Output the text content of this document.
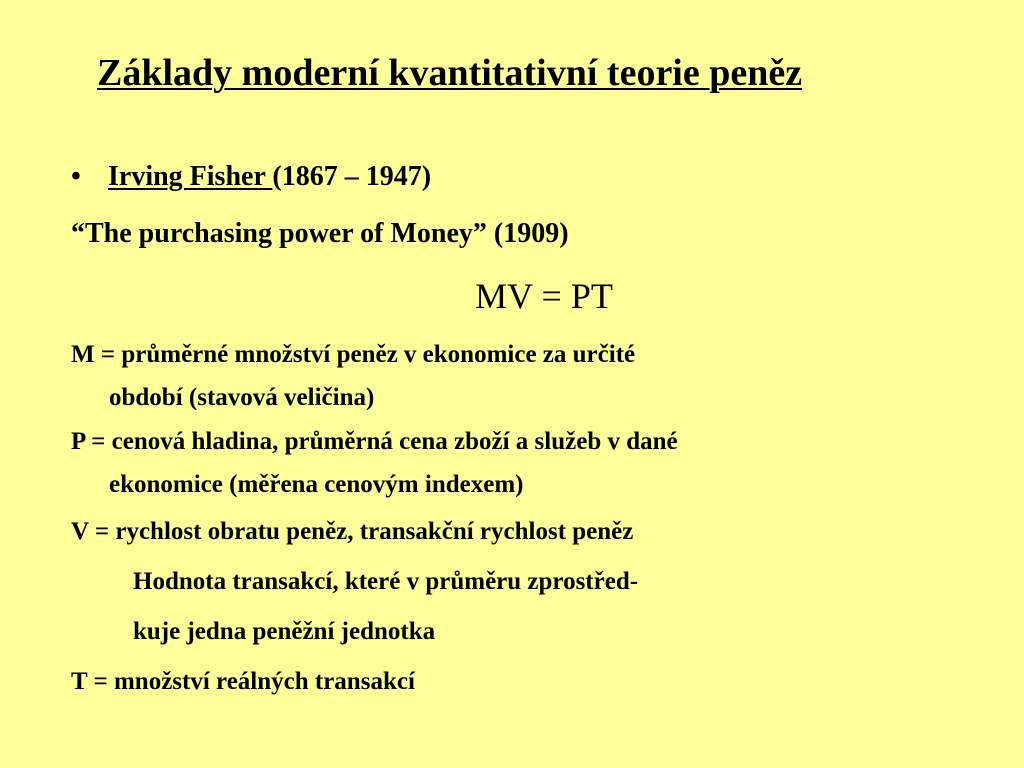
Základy moderní kvantitativní teorie peněz
• Irving Fisher (1867 – 1947)
“The purchasing power of Money” (1909)
MV = PT
M = průměrné množství peněz v ekonomice za určité
období (stavová veličina)
P = cenová hladina, průměrná cena zboží a služeb v dané
ekonomice (měřena cenovým indexem)
V = rychlost obratu peněz, transakční rychlost peněz
Hodnota transakcí, které v průměru zprostřed-
kuje jedna peněžní jednotka
T = množství reálných transakcí
